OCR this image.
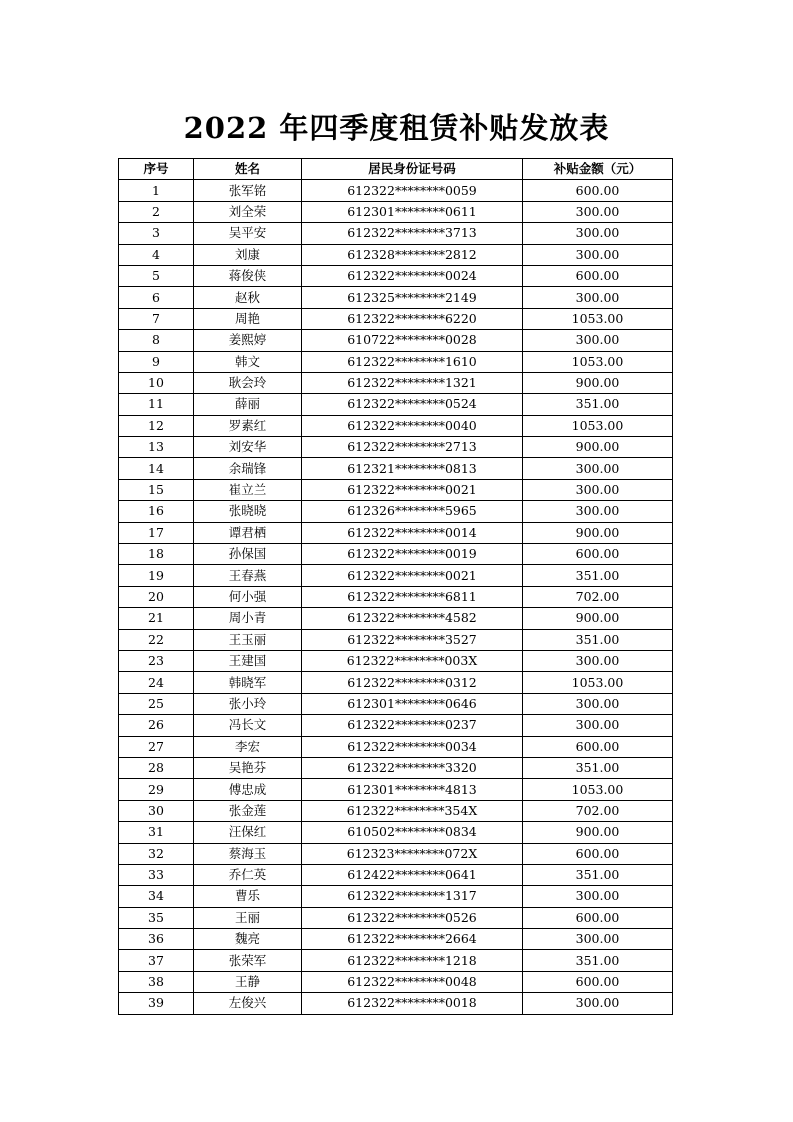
2022 年四季度租赁补贴发放表
序号	姓名	居民身份证号码	补贴金额（元）
1	张军铭	612322********0059	600.00
2	刘全荣	612301********0611	300.00
3	吴平安	612322********3713	300.00
4	刘康	612328********2812	300.00
5	蒋俊侠	612322********0024	600.00
6	赵秋	612325********2149	300.00
7	周艳	612322********6220	1053.00
8	姜熙婷	610722********0028	300.00
9	韩文	612322********1610	1053.00
10	耿会玲	612322********1321	900.00
11	薛丽	612322********0524	351.00
12	罗素红	612322********0040	1053.00
13	刘安华	612322********2713	900.00
14	余瑞锋	612321********0813	300.00
15	崔立兰	612322********0021	300.00
16	张晓晓	612326********5965	300.00
17	谭君栖	612322********0014	900.00
18	孙保国	612322********0019	600.00
19	王春燕	612322********0021	351.00
20	何小强	612322********6811	702.00
21	周小青	612322********4582	900.00
22	王玉丽	612322********3527	351.00
23	王建国	612322********003X	300.00
24	韩晓军	612322********0312	1053.00
25	张小玲	612301********0646	300.00
26	冯长文	612322********0237	300.00
27	李宏	612322********0034	600.00
28	吴艳芬	612322********3320	351.00
29	傅忠成	612301********4813	1053.00
30	张金莲	612322********354X	702.00
31	汪保红	610502********0834	900.00
32	蔡海玉	612323********072X	600.00
33	乔仁英	612422********0641	351.00
34	曹乐	612322********1317	300.00
35	王丽	612322********0526	600.00
36	魏亮	612322********2664	300.00
37	张荣军	612322********1218	351.00
38	王静	612322********0048	600.00
39	左俊兴	612322********0018	300.00
